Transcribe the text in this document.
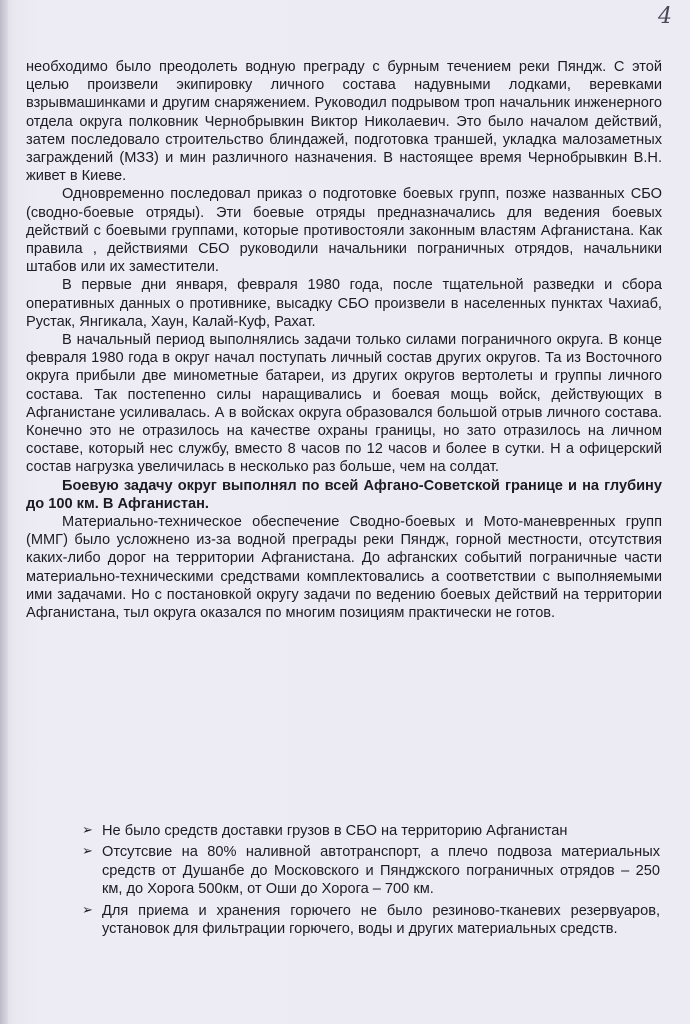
4

необходимо было преодолеть водную преграду с бурным течением реки Пяндж. С этой целью произвели экипировку личного состава надувными лодками, веревками взрывмашинками и другим снаряжением. Руководил подрывом троп начальник инженерного отдела округа полковник Чернобрывкин Виктор Николаевич. Это было началом действий, затем последовало строительство блиндажей, подготовка траншей, укладка малозаметных заграждений (МЗЗ) и мин различного назначения. В настоящее время Чернобрывкин В.Н. живет в Киеве.

Одновременно последовал приказ о подготовке боевых групп, позже названных СБО (сводно-боевые отряды). Эти боевые отряды предназначались для ведения боевых действий с боевыми группами, которые противостояли законным властям Афганистана. Как правила , действиями СБО руководили начальники пограничных отрядов, начальники штабов или их заместители.

В первые дни января, февраля 1980 года, после тщательной разведки и сбора оперативных данных о противнике, высадку СБО произвели в населенных пунктах Чахиаб, Рустак, Янгикала, Хаун, Калай-Куф, Рахат.

В начальный период выполнялись задачи только силами пограничного округа. В конце февраля 1980 года в округ начал поступать личный состав других округов. Та из Восточного округа прибыли две минометные батареи, из других округов вертолеты и группы личного состава. Так постепенно силы наращивались и боевая мощь войск, действующих в Афганистане усиливалась. А в войсках округа образовался большой отрыв личного состава. Конечно это не отразилось на качестве охраны границы, но зато отразилось на личном составе, который нес службу, вместо 8 часов по 12 часов и более в сутки. Н а офицерский состав нагрузка увеличилась в несколько раз больше, чем на солдат.

Боевую задачу округ выполнял по всей Афгано-Советской границе и на глубину до 100 км. В Афганистан.

Материально-техническое обеспечение Сводно-боевых и Мото-маневренных групп (ММГ) было усложнено из-за водной преграды реки Пяндж, горной местности, отсутствия каких-либо дорог на территории Афганистана. До афганских событий пограничные части материально-техническими средствами комплектовались а соответствии с выполняемыми ими задачами. Но с постановкой округу задачи по ведению боевых действий на территории Афганистана, тыл округа оказался по многим позициям практически не готов.

➢ Не было средств доставки грузов в СБО на территорию Афганистан
➢ Отсутсвие на 80% наливной автотранспорт, а плечо подвоза материальных средств от Душанбе до Московского и Пянджского пограничных отрядов – 250 км, до Хорога 500км, от Оши до Хорога – 700 км.
➢ Для приема и хранения горючего не было резиново-тканевих резервуаров, установок для фильтрации горючего, воды и других материальных средств.
